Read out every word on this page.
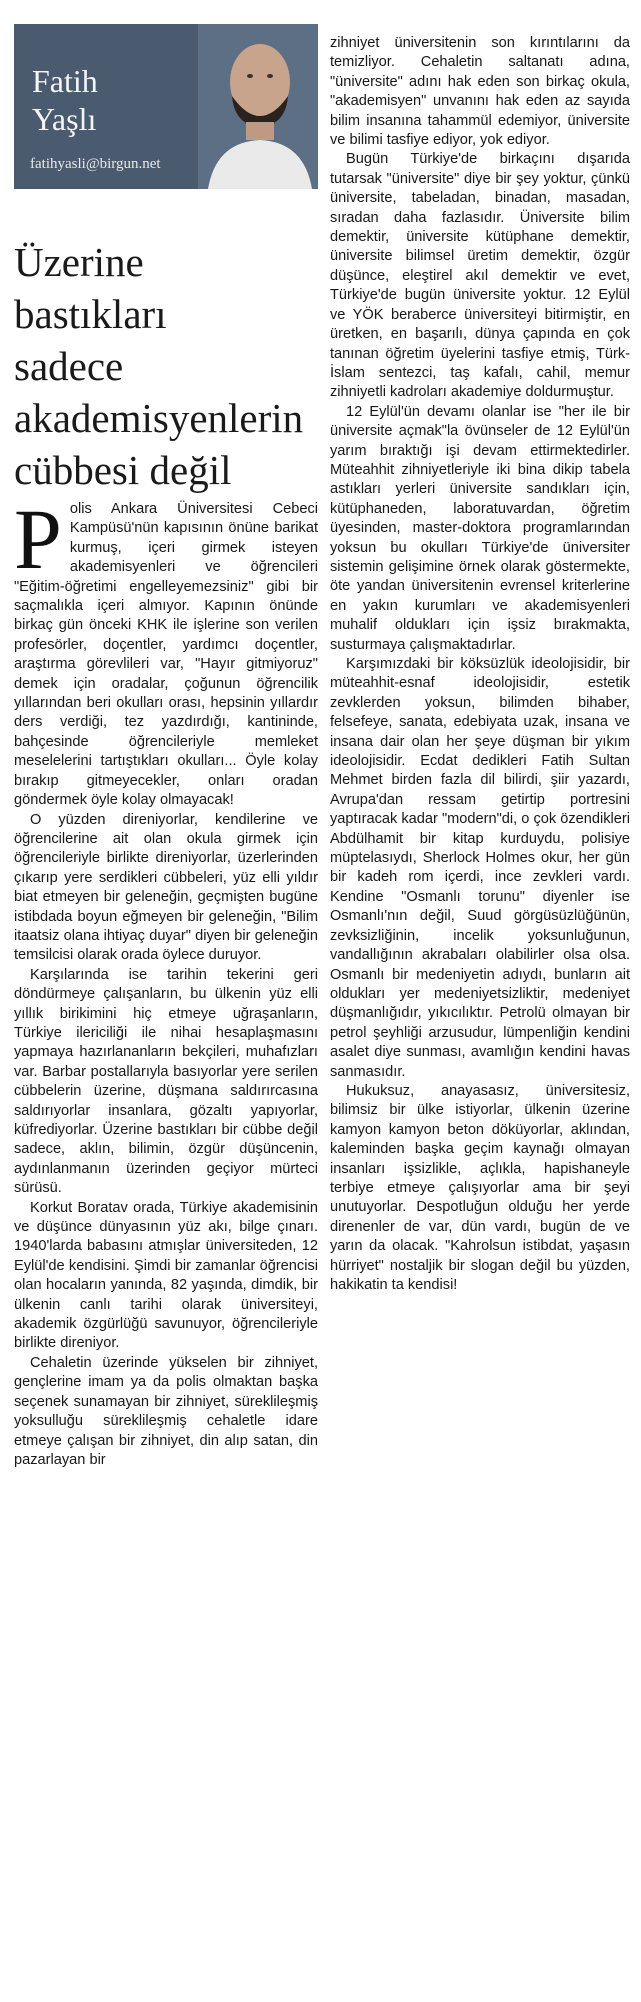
Fatih
Yaşlı
fatihyasli@birgun.net
Üzerine
bastıkları
sadece
akademisyenlerin
cübbesi değil
P olis Ankara Üniversitesi Cebeci Kampüsü'nün kapısının önüne barikat kurmuş, içeri girmek isteyen akademisyenleri ve öğrencileri "Eğitim-öğretimi engelleyemezsiniz" gibi bir saçmalıkla içeri almıyor. Kapının önünde birkaç gün önceki KHK ile işlerine son verilen profesörler, doçentler, yardımcı doçentler, araştırma görevlileri var, "Hayır gitmiyoruz" demek için oradalar, çoğunun öğrencilik yıllarından beri okulları orası, hepsinin yıllardır ders verdiği, tez yazdırdığı, kantininde, bahçesinde öğrencileriyle memleket meselelerini tartıştıkları okulları... Öyle kolay bırakıp gitmeyecekler, onları oradan göndermek öyle kolay olmayacak!

O yüzden direniyorlar, kendilerine ve öğrencilerine ait olan okula girmek için öğrencileriyle birlikte direniyorlar, üzerlerinden çıkarıp yere serdikleri cübbeleri, yüz elli yıldır biat etmeyen bir geleneğin, geçmişten bugüne istibdada boyun eğmeyen bir geleneğin, "Bilim itaatsiz olana ihtiyaç duyar" diyen bir geleneğin temsilcisi olarak orada öylece duruyor.

Karşılarında ise tarihin tekerini geri döndürmeye çalışanların, bu ülkenin yüz elli yıllık birikimini hiç etmeye uğraşanların, Türkiye ilericiliği ile nihai hesaplaşmasını yapmaya hazırlananların bekçileri, muhafızları var. Barbar postallarıyla basıyorlar yere serilen cübbelerin üzerine, düşmana saldırırcasına saldırıyorlar insanlara, gözaltı yapıyorlar, küfrediyorlar. Üzerine bastıkları bir cübbe değil sadece, aklın, bilimin, özgür düşüncenin, aydınlanmanın üzerinden geçiyor mürteci sürüsü.

Korkut Boratav orada, Türkiye akademisinin ve düşünce dünyasının yüz akı, bilge çınarı. 1940'larda babasını atmışlar üniversiteden, 12 Eylül'de kendisini. Şimdi bir zamanlar öğrencisi olan hocaların yanında, 82 yaşında, dimdik, bir ülkenin canlı tarihi olarak üniversiteyi, akademik özgürlüğü savunuyor, öğrencileriyle birlikte direniyor.

Cehaletin üzerinde yükselen bir zihniyet, gençlerine imam ya da polis olmaktan başka seçenek sunamayan bir zihniyet, süreklileşmiş yoksulluğu süreklileşmiş cehaletle idare etmeye çalışan bir zihniyet, din alıp satan, din pazarlayan bir

zihniyet üniversitenin son kırıntılarını da temizliyor. Cehaletin saltanatı adına, "üniversite" adını hak eden son birkaç okula, "akademisyen" unvanını hak eden az sayıda bilim insanına tahammül edemiyor, üniversite ve bilimi tasfiye ediyor, yok ediyor.

Bugün Türkiye'de birkaçını dışarıda tutarsak "üniversite" diye bir şey yoktur, çünkü üniversite, tabeladan, binadan, masadan, sıradan daha fazlasıdır. Üniversite bilim demektir, üniversite kütüphane demektir, üniversite bilimsel üretim demektir, özgür düşünce, eleştirel akıl demektir ve evet, Türkiye'de bugün üniversite yoktur. 12 Eylül ve YÖK beraberce üniversiteyi bitirmiştir, en üretken, en başarılı, dünya çapında en çok tanınan öğretim üyelerini tasfiye etmiş, Türk-İslam sentezci, taş kafalı, cahil, memur zihniyetli kadroları akademiye doldurmuştur.

12 Eylül'ün devamı olanlar ise "her ile bir üniversite açmak"la övünseler de 12 Eylül'ün yarım bıraktığı işi devam ettirmektedirler. Müteahhit zihniyetleriyle iki bina dikip tabela astıkları yerleri üniversite sandıkları için, kütüphaneden, laboratuvardan, öğretim üyesinden, master-doktora programlarından yoksun bu okulları Türkiye'de üniversiter sistemin gelişimine örnek olarak göstermekte, öte yandan üniversitenin evrensel kriterlerine en yakın kurumları ve akademisyenleri muhalif oldukları için işsiz bırakmakta, susturmaya çalışmaktadırlar.

Karşımızdaki bir köksüzlük ideolojisidir, bir müteahhit-esnaf ideolojisidir, estetik zevklerden yoksun, bilimden bihaber, felsefeye, sanata, edebiyata uzak, insana ve insana dair olan her şeye düşman bir yıkım ideolojisidir. Ecdat dedikleri Fatih Sultan Mehmet birden fazla dil bilirdi, şiir yazardı, Avrupa'dan ressam getirtip portresini yaptıracak kadar "modern"di, o çok özendikleri Abdülhamit bir kitap kurduydu, polisiye müptelasıydı, Sherlock Holmes okur, her gün bir kadeh rom içerdi, ince zevkleri vardı. Kendine "Osmanlı torunu" diyenler ise Osmanlı'nın değil, Suud görgüsüzlüğünün, zevksizliğinin, incelik yoksunluğunun, vandallığının akrabaları olabilirler olsa olsa. Osmanlı bir medeniyetin adıydı, bunların ait oldukları yer medeniyetsizliktir, medeniyet düşmanlığıdır, yıkıcılıktır. Petrolü olmayan bir petrol şeyhliği arzusudur, lümpenliğin kendini asalet diye sunması, avamlığın kendini havas sanmasıdır.

Hukuksuz, anayasasız, üniversitesiz, bilimsiz bir ülke istiyorlar, ülkenin üzerine kamyon kamyon beton döküyorlar, aklından, kaleminden başka geçim kaynağı olmayan insanları işsizlikle, açlıkla, hapishaneyle terbiye etmeye çalışıyorlar ama bir şeyi unutuyorlar. Despotluğun olduğu her yerde direnenler de var, dün vardı, bugün de ve yarın da olacak. "Kahrolsun istibdat, yaşasın hürriyet" nostaljik bir slogan değil bu yüzden, hakikatin ta kendisi!
